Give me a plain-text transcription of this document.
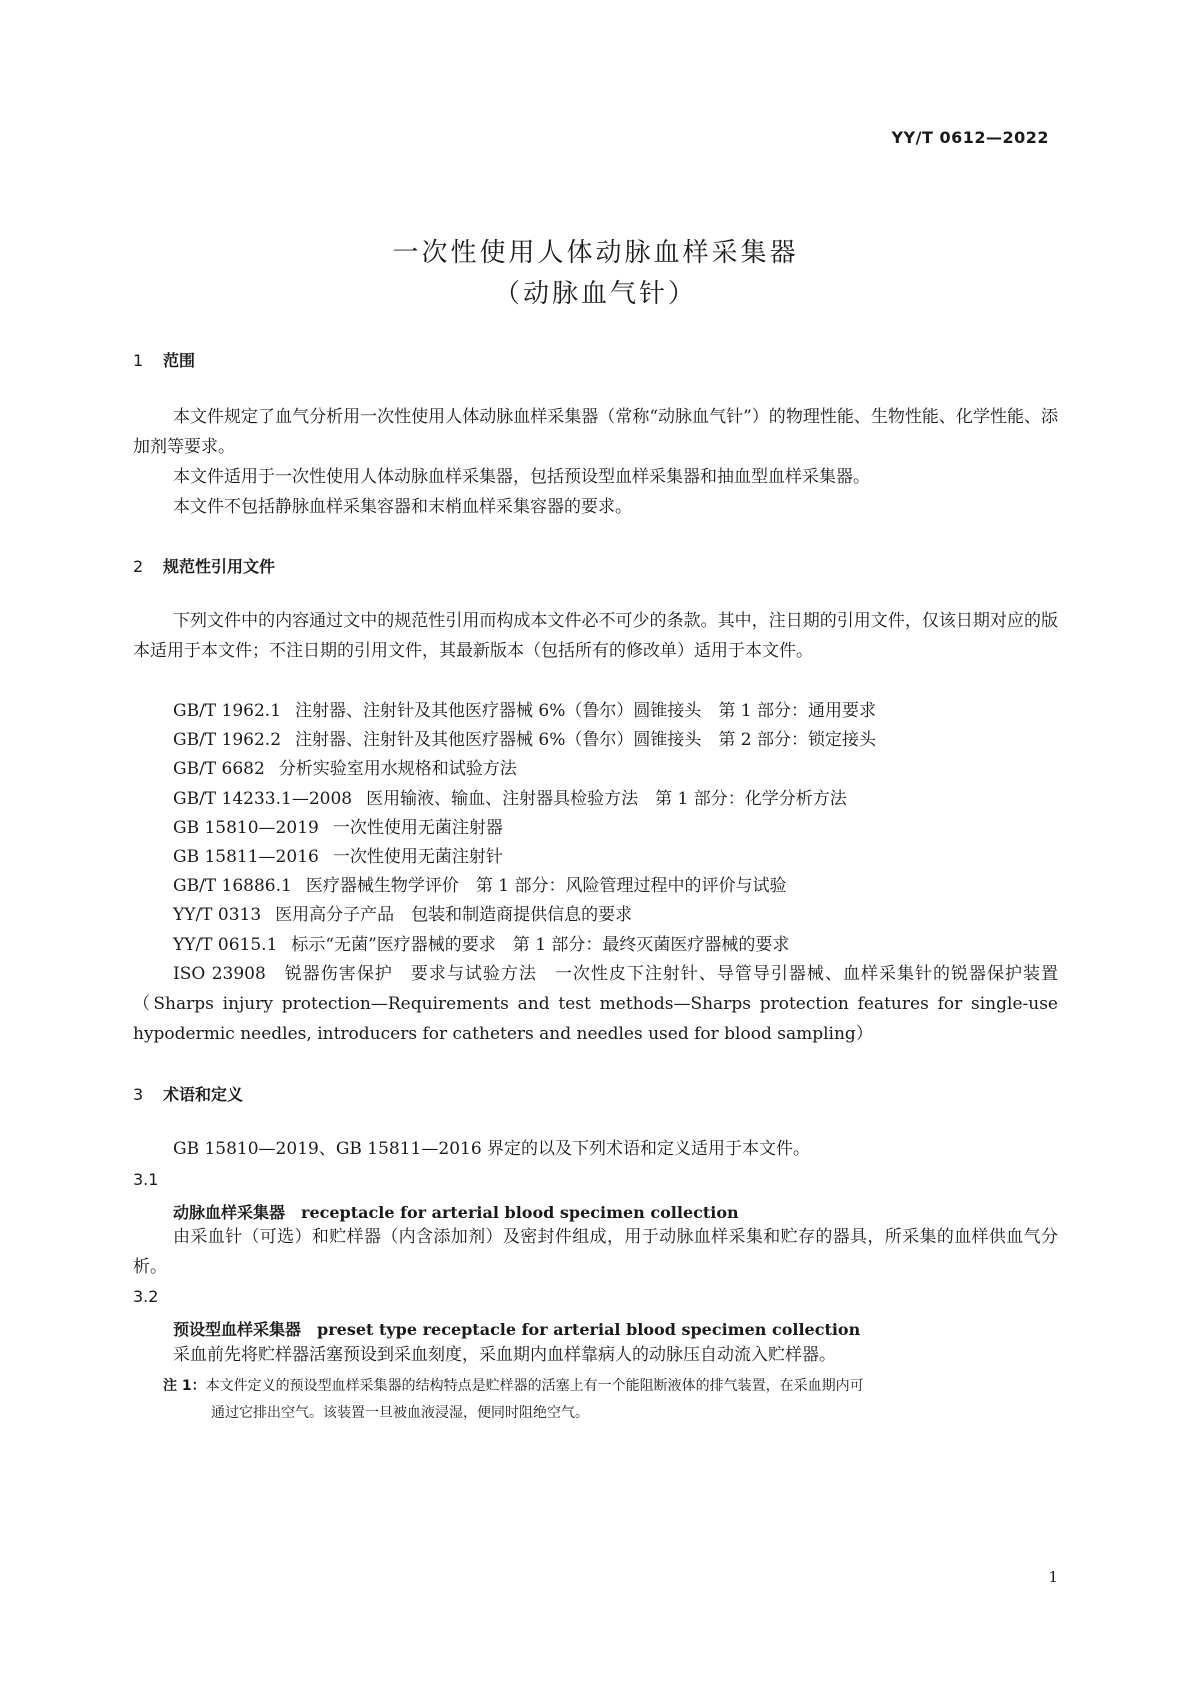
YY/T 0612—2022
一次性使用人体动脉血样采集器
（动脉血气针）
1 范围
本文件规定了血气分析用一次性使用人体动脉血样采集器（常称“动脉血气针”）的物理性能、生物性能、化学性能、添加剂等要求。
本文件适用于一次性使用人体动脉血样采集器，包括预设型血样采集器和抽血型血样采集器。
本文件不包括静脉血样采集容器和末梢血样采集容器的要求。
2 规范性引用文件
下列文件中的内容通过文中的规范性引用而构成本文件必不可少的条款。其中，注日期的引用文件，仅该日期对应的版本适用于本文件；不注日期的引用文件，其最新版本（包括所有的修改单）适用于本文件。
GB/T 1962.1 注射器、注射针及其他医疗器械 6%（鲁尔）圆锥接头　第 1 部分：通用要求
GB/T 1962.2 注射器、注射针及其他医疗器械 6%（鲁尔）圆锥接头　第 2 部分：锁定接头
GB/T 6682 分析实验室用水规格和试验方法
GB/T 14233.1—2008 医用输液、输血、注射器具检验方法　第 1 部分：化学分析方法
GB 15810—2019 一次性使用无菌注射器
GB 15811—2016 一次性使用无菌注射针
GB/T 16886.1 医疗器械生物学评价　第 1 部分：风险管理过程中的评价与试验
YY/T 0313 医用高分子产品　包装和制造商提供信息的要求
YY/T 0615.1 标示“无菌”医疗器械的要求　第 1 部分：最终灭菌医疗器械的要求
ISO 23908　锐器伤害保护　要求与试验方法　一次性皮下注射针、导管导引器械、血样采集针的锐器保护装置（Sharps injury protection—Requirements and test methods—Sharps protection features for single-use hypodermic needles, introducers for catheters and needles used for blood sampling）
3 术语和定义
GB 15810—2019、GB 15811—2016 界定的以及下列术语和定义适用于本文件。
3.1
动脉血样采集器 receptacle for arterial blood specimen collection
由采血针（可选）和贮样器（内含添加剂）及密封件组成，用于动脉血样采集和贮存的器具，所采集的血样供血气分析。
3.2
预设型血样采集器 preset type receptacle for arterial blood specimen collection
采血前先将贮样器活塞预设到采血刻度，采血期内血样靠病人的动脉压自动流入贮样器。
注 1：本文件定义的预设型血样采集器的结构特点是贮样器的活塞上有一个能阻断液体的排气装置，在采血期内可
通过它排出空气。该装置一旦被血液浸湿，便同时阻绝空气。
1
